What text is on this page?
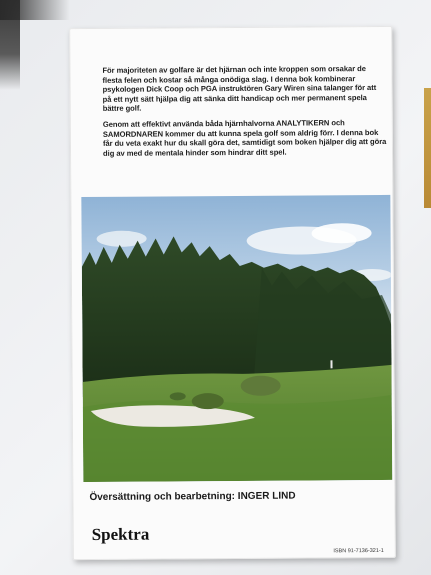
För majoriteten av golfare är det hjärnan och inte kroppen som orsakar de flesta felen och kostar så många onödiga slag. I denna bok kombinerar psykologen Dick Coop och PGA instruktören Gary Wiren sina talanger för att på ett nytt sätt hjälpa dig att sänka ditt handicap och mer permanent spela bättre golf.

Genom att effektivt använda båda hjärnhalvorna ANALYTIKERN och SAMORDNAREN kommer du att kunna spela golf som aldrig förr. I denna bok får du veta exakt hur du skall göra det, samtidigt som boken hjälper dig att göra dig av med de mentala hinder som hindrar ditt spel.

Översättning och bearbetning: INGER LIND
Spektra
ISBN 91-7136-321-1
